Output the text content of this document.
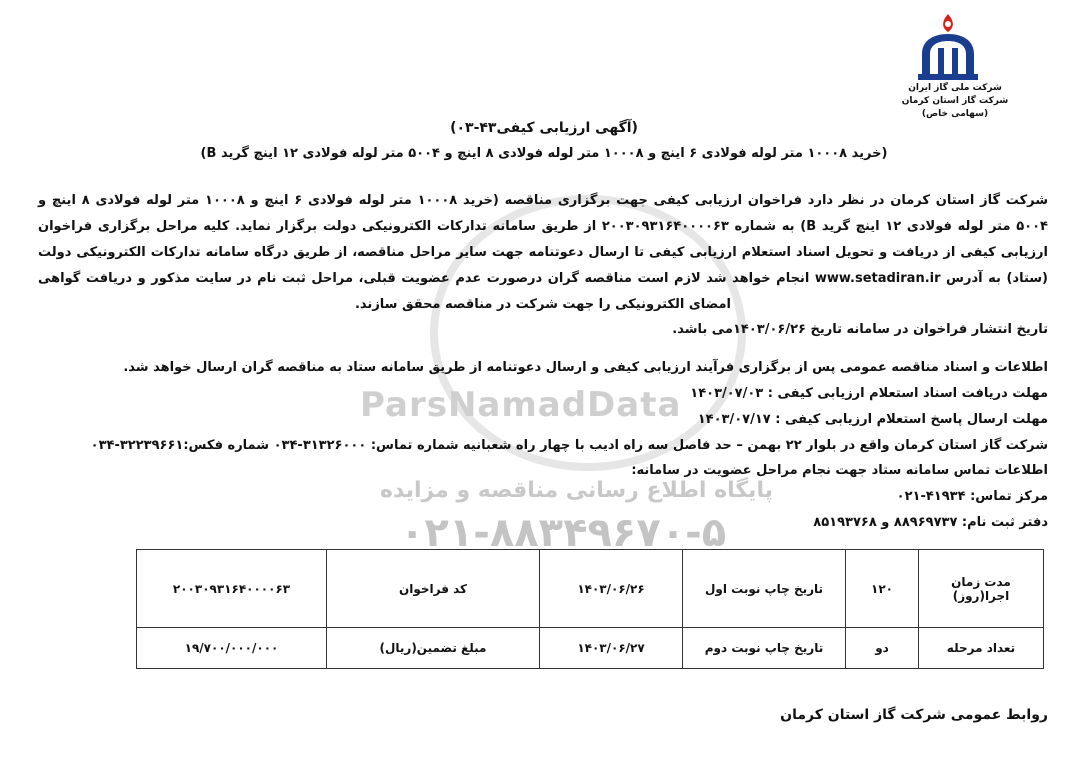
شرکت ملی گاز ایران
شرکت گاز استان کرمان
(سهامی خاص)
ParsNamadData
پایگاه اطلاع رسانی مناقصه و مزایده
۰۲۱-۸۸۳۴۹۶۷۰-۵
(آگهی ارزیابی کیفی۴۳-۰۳)
(خرید ۱۰۰۰۸ متر لوله فولادی ۶ اینچ و ۱۰۰۰۸ متر لوله فولادی ۸ اینچ و ۵۰۰۴ متر لوله فولادی ۱۲ اینچ گرید B)
شرکت گاز استان کرمان در نظر دارد فراخوان ارزیابی کیفی جهت برگزاری مناقصه (خرید ۱۰۰۰۸ متر لوله فولادی ۶ اینچ و ۱۰۰۰۸ متر لوله فولادی ۸ اینچ و ۵۰۰۴ متر لوله فولادی ۱۲ اینچ گرید B) به شماره ۲۰۰۳۰۹۳۱۶۴۰۰۰۰۶۳ از طریق سامانه تدارکات الکترونیکی دولت برگزار نماید. کلیه مراحل برگزاری فراخوان ارزیابی کیفی از دریافت و تحویل اسناد استعلام ارزیابی کیفی تا ارسال دعوتنامه جهت سایر مراحل مناقصه، از طریق درگاه سامانه تدارکات الکترونیکی دولت (ستاد) به آدرس www.setadiran.ir انجام خواهد شد لازم است مناقصه گران درصورت عدم عضویت قبلی، مراحل ثبت نام در سایت مذکور و دریافت گواهی امضای الکترونیکی را جهت شرکت در مناقصه محقق سازند.
تاریخ انتشار فراخوان در سامانه تاریخ ۱۴۰۳/۰۶/۲۶می باشد.
اطلاعات و اسناد مناقصه عمومی پس از برگزاری فرآیند ارزیابی کیفی و ارسال دعوتنامه از طریق سامانه ستاد به مناقصه گران ارسال خواهد شد.
مهلت دریافت اسناد استعلام ارزیابی کیفی : ۱۴۰۳/۰۷/۰۳
مهلت ارسال پاسخ استعلام ارزیابی کیفی : ۱۴۰۳/۰۷/۱۷
شرکت گاز استان کرمان واقع در بلوار ۲۲ بهمن – حد فاصل سه راه ادیب با چهار راه شعبانیه شماره تماس: ۳۱۳۲۶۰۰۰-۰۳۴ شماره فکس:۳۲۲۳۹۶۶۱-۰۳۴
اطلاعات تماس سامانه ستاد جهت نجام مراحل عضویت در سامانه:
مرکز تماس: ۴۱۹۳۴-۰۲۱
دفتر ثبت نام: ۸۸۹۶۹۷۳۷ و ۸۵۱۹۳۷۶۸
مدت زمان اجرا(روز)	۱۲۰	تاریخ چاپ نوبت اول	۱۴۰۳/۰۶/۲۶	کد فراخوان	۲۰۰۳۰۹۳۱۶۴۰۰۰۰۶۳
تعداد مرحله	دو	تاریخ چاپ نوبت دوم	۱۴۰۳/۰۶/۲۷	مبلغ تضمین(ریال)	۱۹/۷۰۰/۰۰۰/۰۰۰
روابط عمومی شرکت گاز استان کرمان
